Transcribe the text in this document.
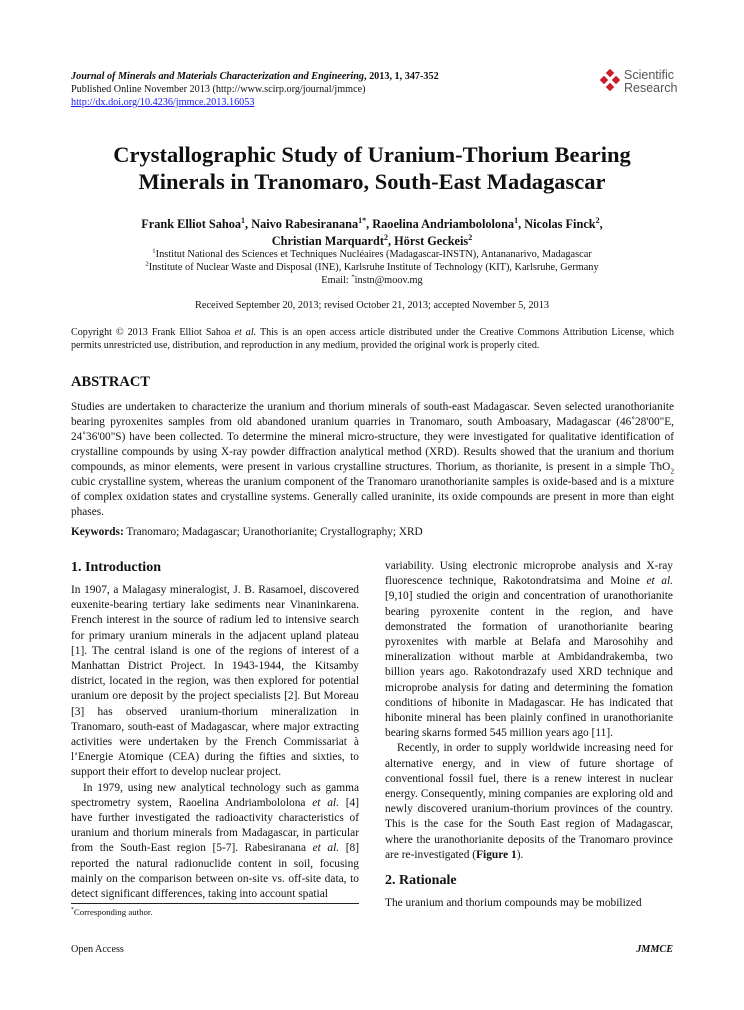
Journal of Minerals and Materials Characterization and Engineering, 2013, 1, 347-352
Published Online November 2013 (http://www.scirp.org/journal/jmmce)
http://dx.doi.org/10.4236/jmmce.2013.16053
Scientific
Research
Crystallographic Study of Uranium-Thorium Bearing
Minerals in Tranomaro, South-East Madagascar
Frank Elliot Sahoa$^1$, Naivo Rabesiranana$^{1*}$, Raoelina Andriambololona$^1$, Nicolas Finck$^2$,
Christian Marquardt$^2$, Hörst Geckeis$^2$
$^1$Institut National des Sciences et Techniques Nucléaires (Madagascar-INSTN), Antananarivo, Madagascar
$^2$Institute of Nuclear Waste and Disposal (INE), Karlsruhe Institute of Technology (KIT), Karlsruhe, Germany
Email: *instn@moov.mg
Received September 20, 2013; revised October 21, 2013; accepted November 5, 2013
Copyright © 2013 Frank Elliot Sahoa et al. This is an open access article distributed under the Creative Commons Attribution License, which permits unrestricted use, distribution, and reproduction in any medium, provided the original work is properly cited.
ABSTRACT
Studies are undertaken to characterize the uranium and thorium minerals of south-east Madagascar. Seven selected uranothorianite bearing pyroxenites samples from old abandoned uranium quarries in Tranomaro, south Amboasary, Madagascar (46˚28'00"E, 24˚36'00"S) have been collected. To determine the mineral micro-structure, they were investigated for qualitative identification of crystalline compounds by using X-ray powder diffraction analytical method (XRD). Results showed that the uranium and thorium compounds, as minor elements, were present in various crystalline structures. Thorium, as thorianite, is present in a simple ThO$_2$ cubic crystalline system, whereas the uranium component of the Tranomaro uranothorianite samples is oxide-based and is a mixture of complex oxidation states and crystalline systems. Generally called uraninite, its oxide compounds are present in more than eight phases.
Keywords: Tranomaro; Madagascar; Uranothorianite; Crystallography; XRD
1. Introduction

In 1907, a Malagasy mineralogist, J. B. Rasamoel, discovered euxenite-bearing tertiary lake sediments near Vinaninkarena. French interest in the source of radium led to intensive search for primary uranium minerals in the adjacent upland plateau [1]. The central island is one of the regions of interest of a Manhattan District Project. In 1943-1944, the Kitsamby district, located in the region, was then explored for potential uranium ore deposit by the project specialists [2]. But Moreau [3] has observed uranium-thorium mineralization in Tranomaro, south-east of Madagascar, where major extracting activities were undertaken by the French Commissariat à l’Energie Atomique (CEA) during the fifties and sixties, to support their effort to develop nuclear project.

In 1979, using new analytical technology such as gamma spectrometry system, Raoelina Andriambololona et al. [4] have further investigated the radioactivity characteristics of uranium and thorium minerals from Madagascar, in particular from the South-East region [5-7]. Rabesiranana et al. [8] reported the natural radionuclide content in soil, focusing mainly on the comparison between on-site vs. off-site data, to detect significant differences, taking into account spatial

variability. Using electronic microprobe analysis and X-ray fluorescence technique, Rakotondratsima and Moine et al. [9,10] studied the origin and concentration of uranothorianite bearing pyroxenite content in the region, and have demonstrated the formation of uranothorianite bearing pyroxenites with marble at Belafa and Marosohihy and mineralization without marble at Ambidandrakemba, two billion years ago. Rakotondrazafy used XRD technique and microprobe analysis for dating and determining the fomation conditions of hibonite in Madagascar. He has indicated that hibonite mineral has been plainly confined in uranothorianite bearing skarns formed 545 million years ago [11].

Recently, in order to supply worldwide increasing need for alternative energy, and in view of future shortage of conventional fossil fuel, there is a renew interest in nuclear energy. Consequently, mining companies are exploring old and newly discovered uranium-thorium provinces of the country. This is the case for the South East region of Madagascar, where the uranothorianite deposits of the Tranomaro province are re-investigated (Figure 1).

2. Rationale

The uranium and thorium compounds may be mobilized

*Corresponding author.
Open Access	JMMCE
